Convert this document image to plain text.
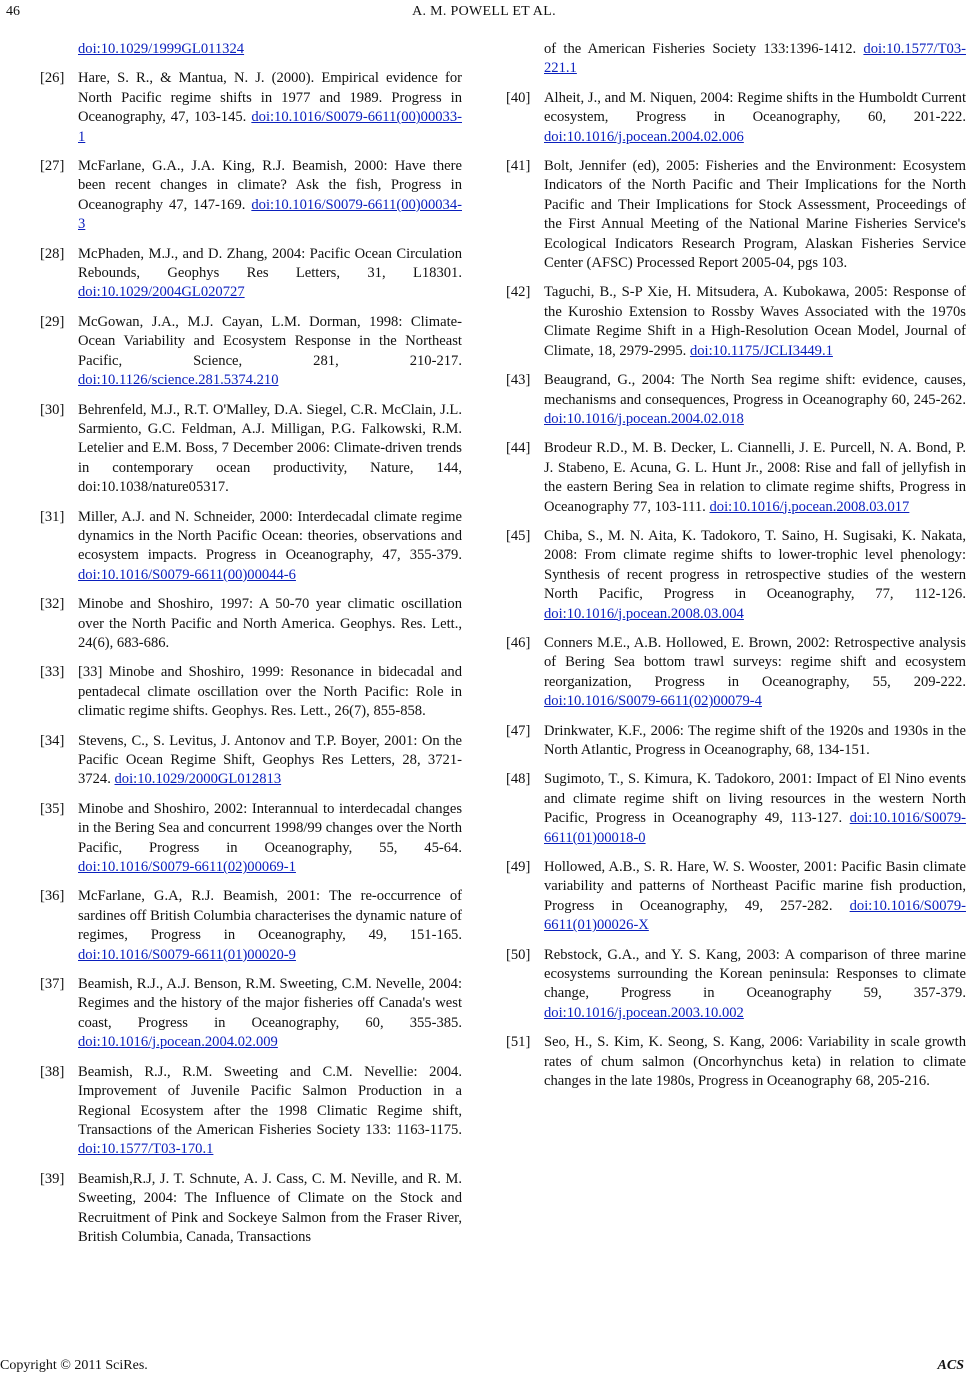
46	A. M. POWELL ET AL.
doi:10.1029/1999GL011324
[26] Hare, S. R., & Mantua, N. J. (2000). Empirical evidence for North Pacific regime shifts in 1977 and 1989. Progress in Oceanography, 47, 103-145. doi:10.1016/S0079-6611(00)00033-1
[27] McFarlane, G.A., J.A. King, R.J. Beamish, 2000: Have there been recent changes in climate? Ask the fish, Progress in Oceanography 47, 147-169. doi:10.1016/S0079-6611(00)00034-3
[28] McPhaden, M.J., and D. Zhang, 2004: Pacific Ocean Circulation Rebounds, Geophys Res Letters, 31, L18301. doi:10.1029/2004GL020727
[29] McGowan, J.A., M.J. Cayan, L.M. Dorman, 1998: Climate-Ocean Variability and Ecosystem Response in the Northeast Pacific, Science, 281, 210-217. doi:10.1126/science.281.5374.210
[30] Behrenfeld, M.J., R.T. O'Malley, D.A. Siegel, C.R. McClain, J.L. Sarmiento, G.C. Feldman, A.J. Milligan, P.G. Falkowski, R.M. Letelier and E.M. Boss, 7 December 2006: Climate-driven trends in contemporary ocean productivity, Nature, 144, doi:10.1038/nature05317.
[31] Miller, A.J. and N. Schneider, 2000: Interdecadal climate regime dynamics in the North Pacific Ocean: theories, observations and ecosystem impacts. Progress in Oceanography, 47, 355-379. doi:10.1016/S0079-6611(00)00044-6
[32] Minobe and Shoshiro, 1997: A 50-70 year climatic oscillation over the North Pacific and North America. Geophys. Res. Lett., 24(6), 683-686.
[33] [33] Minobe and Shoshiro, 1999: Resonance in bidecadal and pentadecal climate oscillation over the North Pacific: Role in climatic regime shifts. Geophys. Res. Lett., 26(7), 855-858.
[34] Stevens, C., S. Levitus, J. Antonov and T.P. Boyer, 2001: On the Pacific Ocean Regime Shift, Geophys Res Letters, 28, 3721-3724. doi:10.1029/2000GL012813
[35] Minobe and Shoshiro, 2002: Interannual to interdecadal changes in the Bering Sea and concurrent 1998/99 changes over the North Pacific, Progress in Oceanography, 55, 45-64. doi:10.1016/S0079-6611(02)00069-1
[36] McFarlane, G.A, R.J. Beamish, 2001: The re-occurrence of sardines off British Columbia characterises the dynamic nature of regimes, Progress in Oceanography, 49, 151-165. doi:10.1016/S0079-6611(01)00020-9
[37] Beamish, R.J., A.J. Benson, R.M. Sweeting, C.M. Nevelle, 2004: Regimes and the history of the major fisheries off Canada's west coast, Progress in Oceanography, 60, 355-385. doi:10.1016/j.pocean.2004.02.009
[38] Beamish, R.J., R.M. Sweeting and C.M. Nevellie: 2004. Improvement of Juvenile Pacific Salmon Production in a Regional Ecosystem after the 1998 Climatic Regime shift, Transactions of the American Fisheries Society 133: 1163-1175. doi:10.1577/T03-170.1
[39] Beamish,R.J, J. T. Schnute, A. J. Cass, C. M. Neville, and R. M. Sweeting, 2004: The Influence of Climate on the Stock and Recruitment of Pink and Sockeye Salmon from the Fraser River, British Columbia, Canada, Transactions
of the American Fisheries Society 133:1396-1412. doi:10.1577/T03-221.1
[40] Alheit, J., and M. Niquen, 2004: Regime shifts in the Humboldt Current ecosystem, Progress in Oceanography, 60, 201-222. doi:10.1016/j.pocean.2004.02.006
[41] Bolt, Jennifer (ed), 2005: Fisheries and the Environment: Ecosystem Indicators of the North Pacific and Their Implications for the North Pacific and Their Implications for Stock Assessment, Proceedings of the First Annual Meeting of the National Marine Fisheries Service's Ecological Indicators Research Program, Alaskan Fisheries Service Center (AFSC) Processed Report 2005-04, pgs 103.
[42] Taguchi, B., S-P Xie, H. Mitsudera, A. Kubokawa, 2005: Response of the Kuroshio Extension to Rossby Waves Associated with the 1970s Climate Regime Shift in a High-Resolution Ocean Model, Journal of Climate, 18, 2979-2995. doi:10.1175/JCLI3449.1
[43] Beaugrand, G., 2004: The North Sea regime shift: evidence, causes, mechanisms and consequences, Progress in Oceanography 60, 245-262. doi:10.1016/j.pocean.2004.02.018
[44] Brodeur R.D., M. B. Decker, L. Ciannelli, J. E. Purcell, N. A. Bond, P. J. Stabeno, E. Acuna, G. L. Hunt Jr., 2008: Rise and fall of jellyfish in the eastern Bering Sea in relation to climate regime shifts, Progress in Oceanography 77, 103-111. doi:10.1016/j.pocean.2008.03.017
[45] Chiba, S., M. N. Aita, K. Tadokoro, T. Saino, H. Sugisaki, K. Nakata, 2008: From climate regime shifts to lower-trophic level phenology: Synthesis of recent progress in retrospective studies of the western North Pacific, Progress in Oceanography, 77, 112-126. doi:10.1016/j.pocean.2008.03.004
[46] Conners M.E., A.B. Hollowed, E. Brown, 2002: Retrospective analysis of Bering Sea bottom trawl surveys: regime shift and ecosystem reorganization, Progress in Oceanography, 55, 209-222. doi:10.1016/S0079-6611(02)00079-4
[47] Drinkwater, K.F., 2006: The regime shift of the 1920s and 1930s in the North Atlantic, Progress in Oceanography, 68, 134-151.
[48] Sugimoto, T., S. Kimura, K. Tadokoro, 2001: Impact of El Nino events and climate regime shift on living resources in the western North Pacific, Progress in Oceanography 49, 113-127. doi:10.1016/S0079-6611(01)00018-0
[49] Hollowed, A.B., S. R. Hare, W. S. Wooster, 2001: Pacific Basin climate variability and patterns of Northeast Pacific marine fish production, Progress in Oceanography, 49, 257-282. doi:10.1016/S0079-6611(01)00026-X
[50] Rebstock, G.A., and Y. S. Kang, 2003: A comparison of three marine ecosystems surrounding the Korean peninsula: Responses to climate change, Progress in Oceanography 59, 357-379. doi:10.1016/j.pocean.2003.10.002
[51] Seo, H., S. Kim, K. Seong, S. Kang, 2006: Variability in scale growth rates of chum salmon (Oncorhynchus keta) in relation to climate changes in the late 1980s, Progress in Oceanography 68, 205-216.
Copyright © 2011 SciRes.	ACS
